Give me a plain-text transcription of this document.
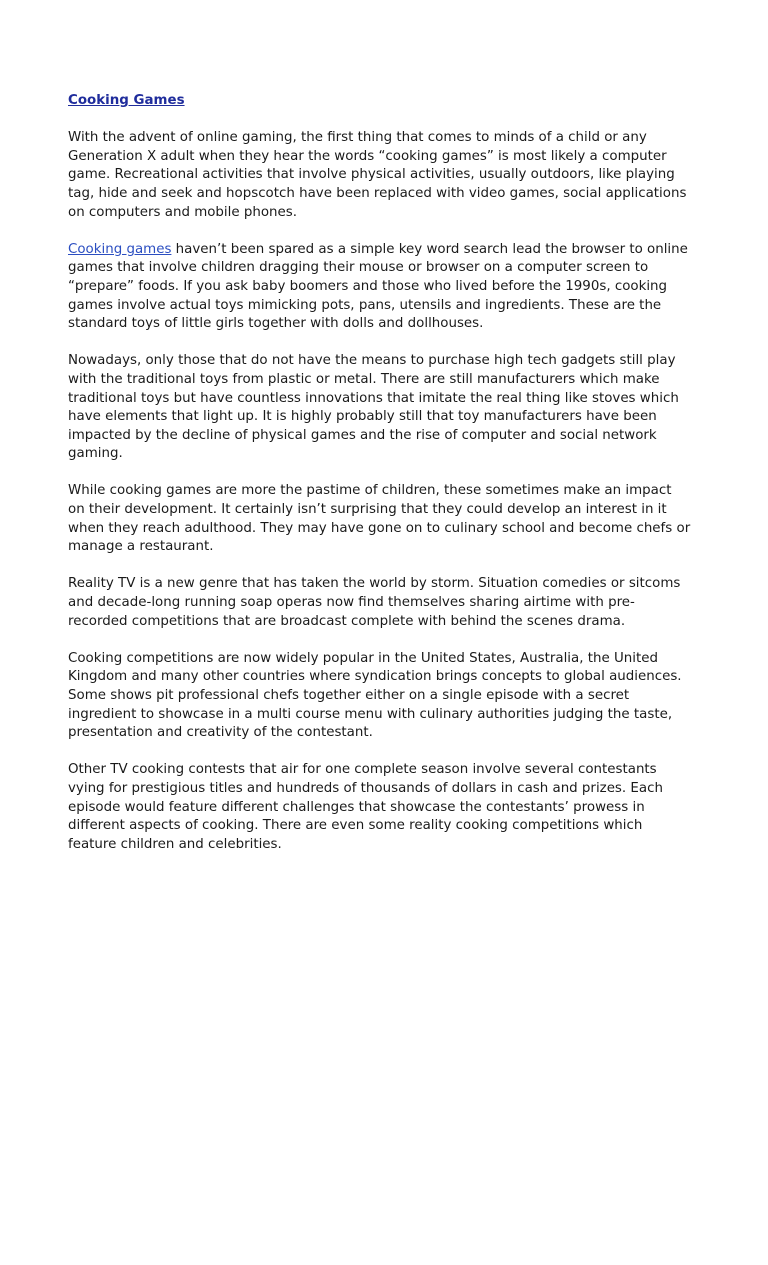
Cooking Games

With the advent of online gaming, the first thing that comes to minds of a child or any Generation X adult when they hear the words “cooking games” is most likely a computer game. Recreational activities that involve physical activities, usually outdoors, like playing tag, hide and seek and hopscotch have been replaced with video games, social applications on computers and mobile phones.

Cooking games haven’t been spared as a simple key word search lead the browser to online games that involve children dragging their mouse or browser on a computer screen to “prepare” foods. If you ask baby boomers and those who lived before the 1990s, cooking games involve actual toys mimicking pots, pans, utensils and ingredients. These are the standard toys of little girls together with dolls and dollhouses.

Nowadays, only those that do not have the means to purchase high tech gadgets still play with the traditional toys from plastic or metal. There are still manufacturers which make traditional toys but have countless innovations that imitate the real thing like stoves which have elements that light up. It is highly probably still that toy manufacturers have been impacted by the decline of physical games and the rise of computer and social network gaming.

While cooking games are more the pastime of children, these sometimes make an impact on their development. It certainly isn’t surprising that they could develop an interest in it when they reach adulthood. They may have gone on to culinary school and become chefs or manage a restaurant.

Reality TV is a new genre that has taken the world by storm. Situation comedies or sitcoms and decade-long running soap operas now find themselves sharing airtime with pre-recorded competitions that are broadcast complete with behind the scenes drama.

Cooking competitions are now widely popular in the United States, Australia, the United Kingdom and many other countries where syndication brings concepts to global audiences. Some shows pit professional chefs together either on a single episode with a secret ingredient to showcase in a multi course menu with culinary authorities judging the taste, presentation and creativity of the contestant.

Other TV cooking contests that air for one complete season involve several contestants vying for prestigious titles and hundreds of thousands of dollars in cash and prizes. Each episode would feature different challenges that showcase the contestants’ prowess in different aspects of cooking. There are even some reality cooking competitions which feature children and celebrities.
